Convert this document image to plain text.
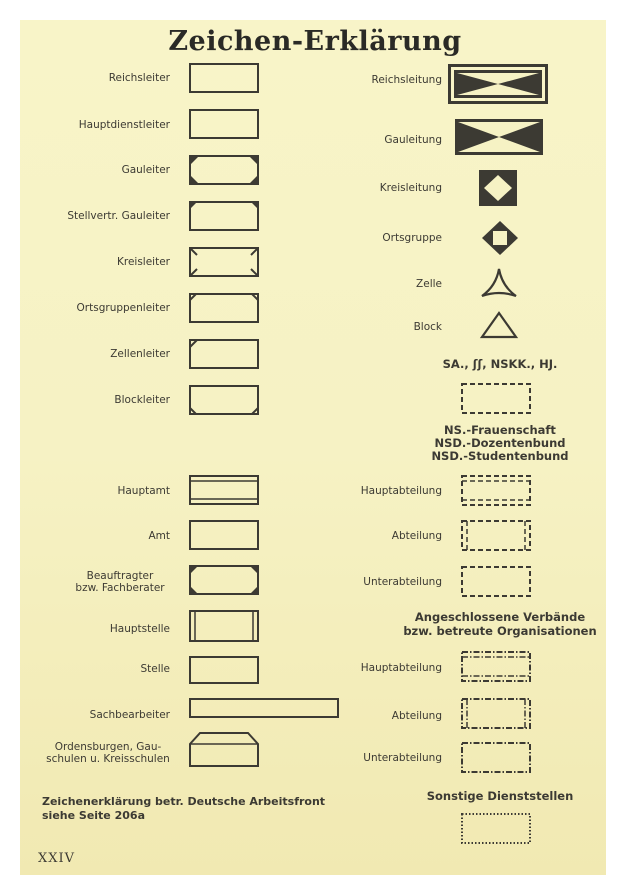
Zeichen-Erklärung
Reichsleiter
Hauptdienstleiter
Gauleiter
Stellvertr. Gauleiter
Kreisleiter
Ortsgruppenleiter
Zellenleiter
Blockleiter
Hauptamt
Amt
Beauftragter
bzw. Fachberater
Hauptstelle
Stelle
Sachbearbeiter
Ordensburgen, Gau-
schulen u. Kreisschulen
Reichsleitung
Gauleitung
Kreisleitung
Ortsgruppe
Zelle
Block
SA., ʃʃ, NSKK., HJ.
NS.-Frauenschaft
NSD.-Dozentenbund
NSD.-Studentenbund
Hauptabteilung
Abteilung
Unterabteilung
Angeschlossene Verbände
bzw. betreute Organisationen
Hauptabteilung
Abteilung
Unterabteilung
Sonstige Dienststellen
Zeichenerklärung betr. Deutsche Arbeitsfront
siehe Seite 206a
XXIV
